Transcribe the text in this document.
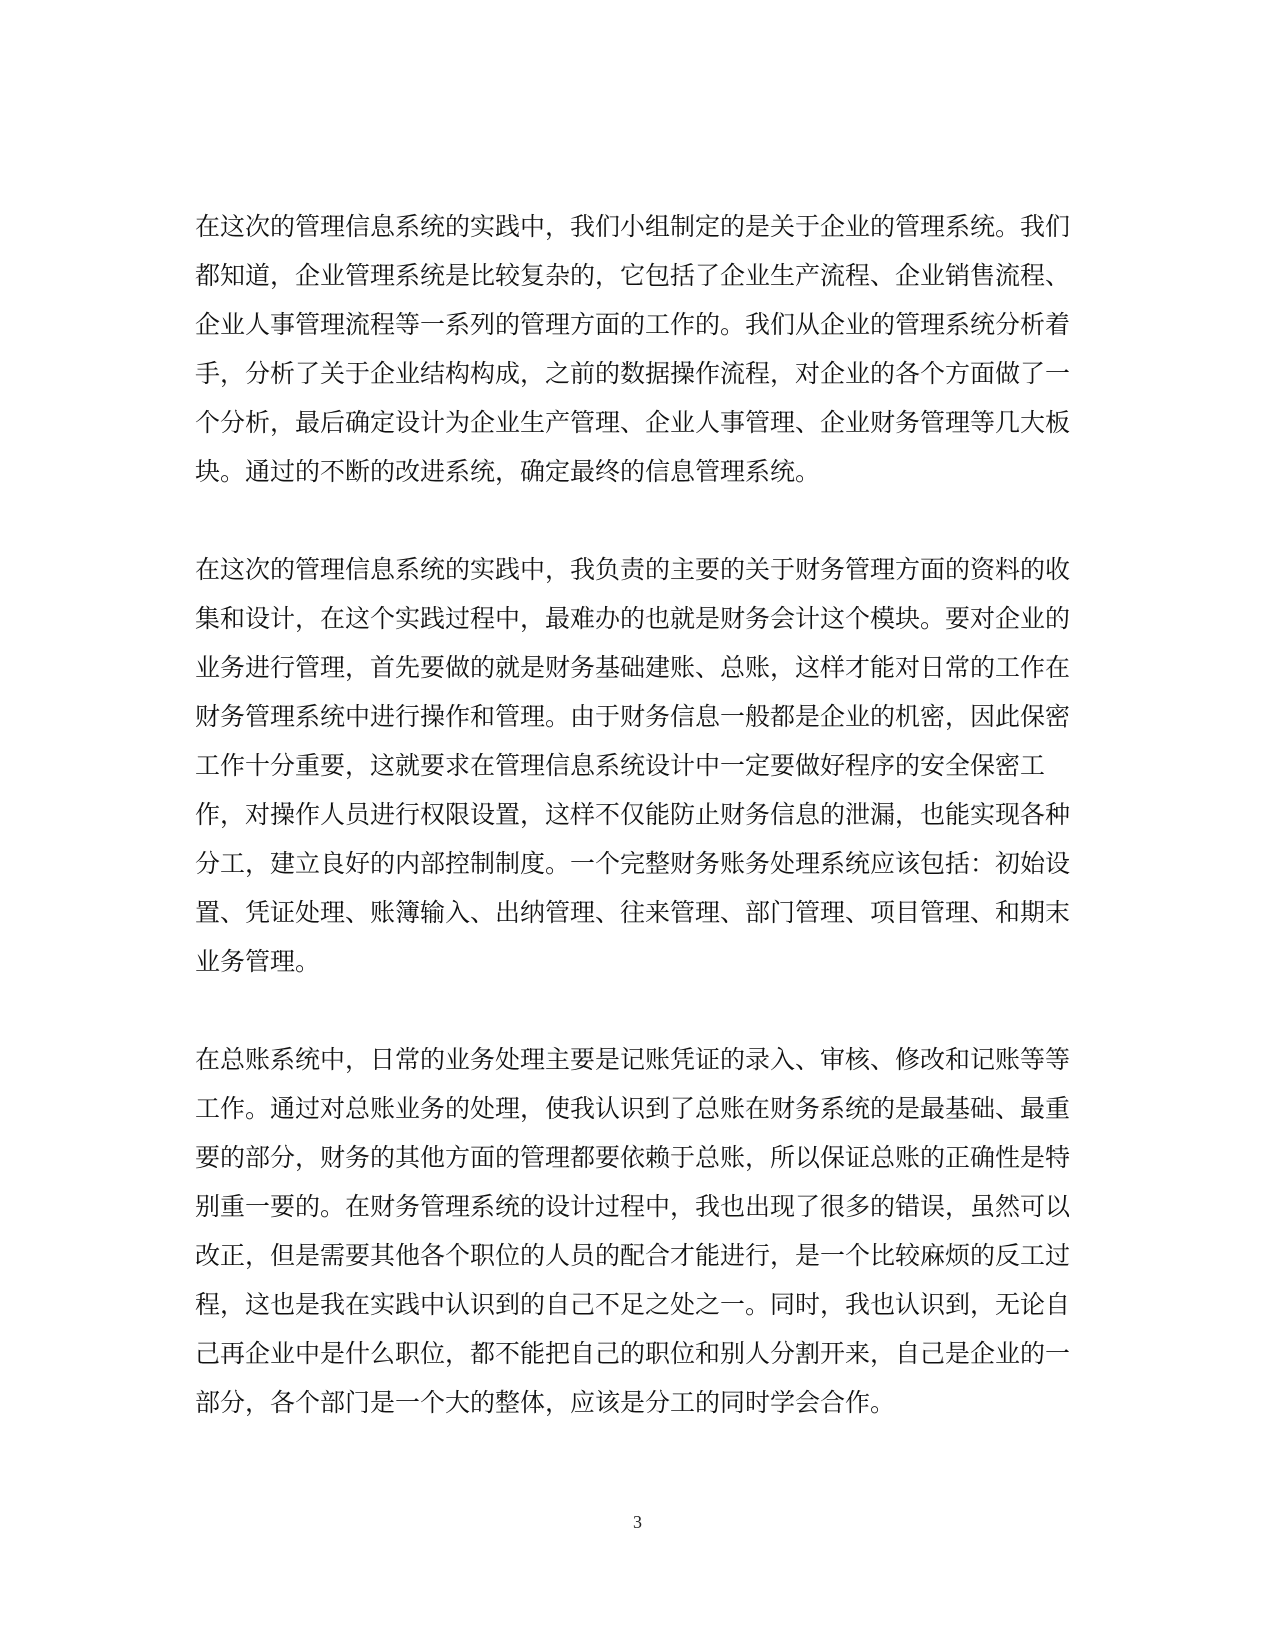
在这次的管理信息系统的实践中，我们小组制定的是关于企业的管理系统。我们都知道，企业管理系统是比较复杂的，它包括了企业生产流程、企业销售流程、企业人事管理流程等一系列的管理方面的工作的。我们从企业的管理系统分析着手，分析了关于企业结构构成，之前的数据操作流程，对企业的各个方面做了一个分析，最后确定设计为企业生产管理、企业人事管理、企业财务管理等几大板块。通过的不断的改进系统，确定最终的信息管理系统。

在这次的管理信息系统的实践中，我负责的主要的关于财务管理方面的资料的收集和设计，在这个实践过程中，最难办的也就是财务会计这个模块。要对企业的业务进行管理，首先要做的就是财务基础建账、总账，这样才能对日常的工作在财务管理系统中进行操作和管理。由于财务信息一般都是企业的机密，因此保密工作十分重要，这就要求在管理信息系统设计中一定要做好程序的安全保密工作，对操作人员进行权限设置，这样不仅能防止财务信息的泄漏，也能实现各种分工，建立良好的内部控制制度。一个完整财务账务处理系统应该包括：初始设置、凭证处理、账簿输入、出纳管理、往来管理、部门管理、项目管理、和期末业务管理。

在总账系统中，日常的业务处理主要是记账凭证的录入、审核、修改和记账等等工作。通过对总账业务的处理，使我认识到了总账在财务系统的是最基础、最重要的部分，财务的其他方面的管理都要依赖于总账，所以保证总账的正确性是特别重一要的。在财务管理系统的设计过程中，我也出现了很多的错误，虽然可以改正，但是需要其他各个职位的人员的配合才能进行，是一个比较麻烦的反工过程，这也是我在实践中认识到的自己不足之处之一。同时，我也认识到，无论自己再企业中是什么职位，都不能把自己的职位和别人分割开来，自己是企业的一部分，各个部门是一个大的整体，应该是分工的同时学会合作。

3
